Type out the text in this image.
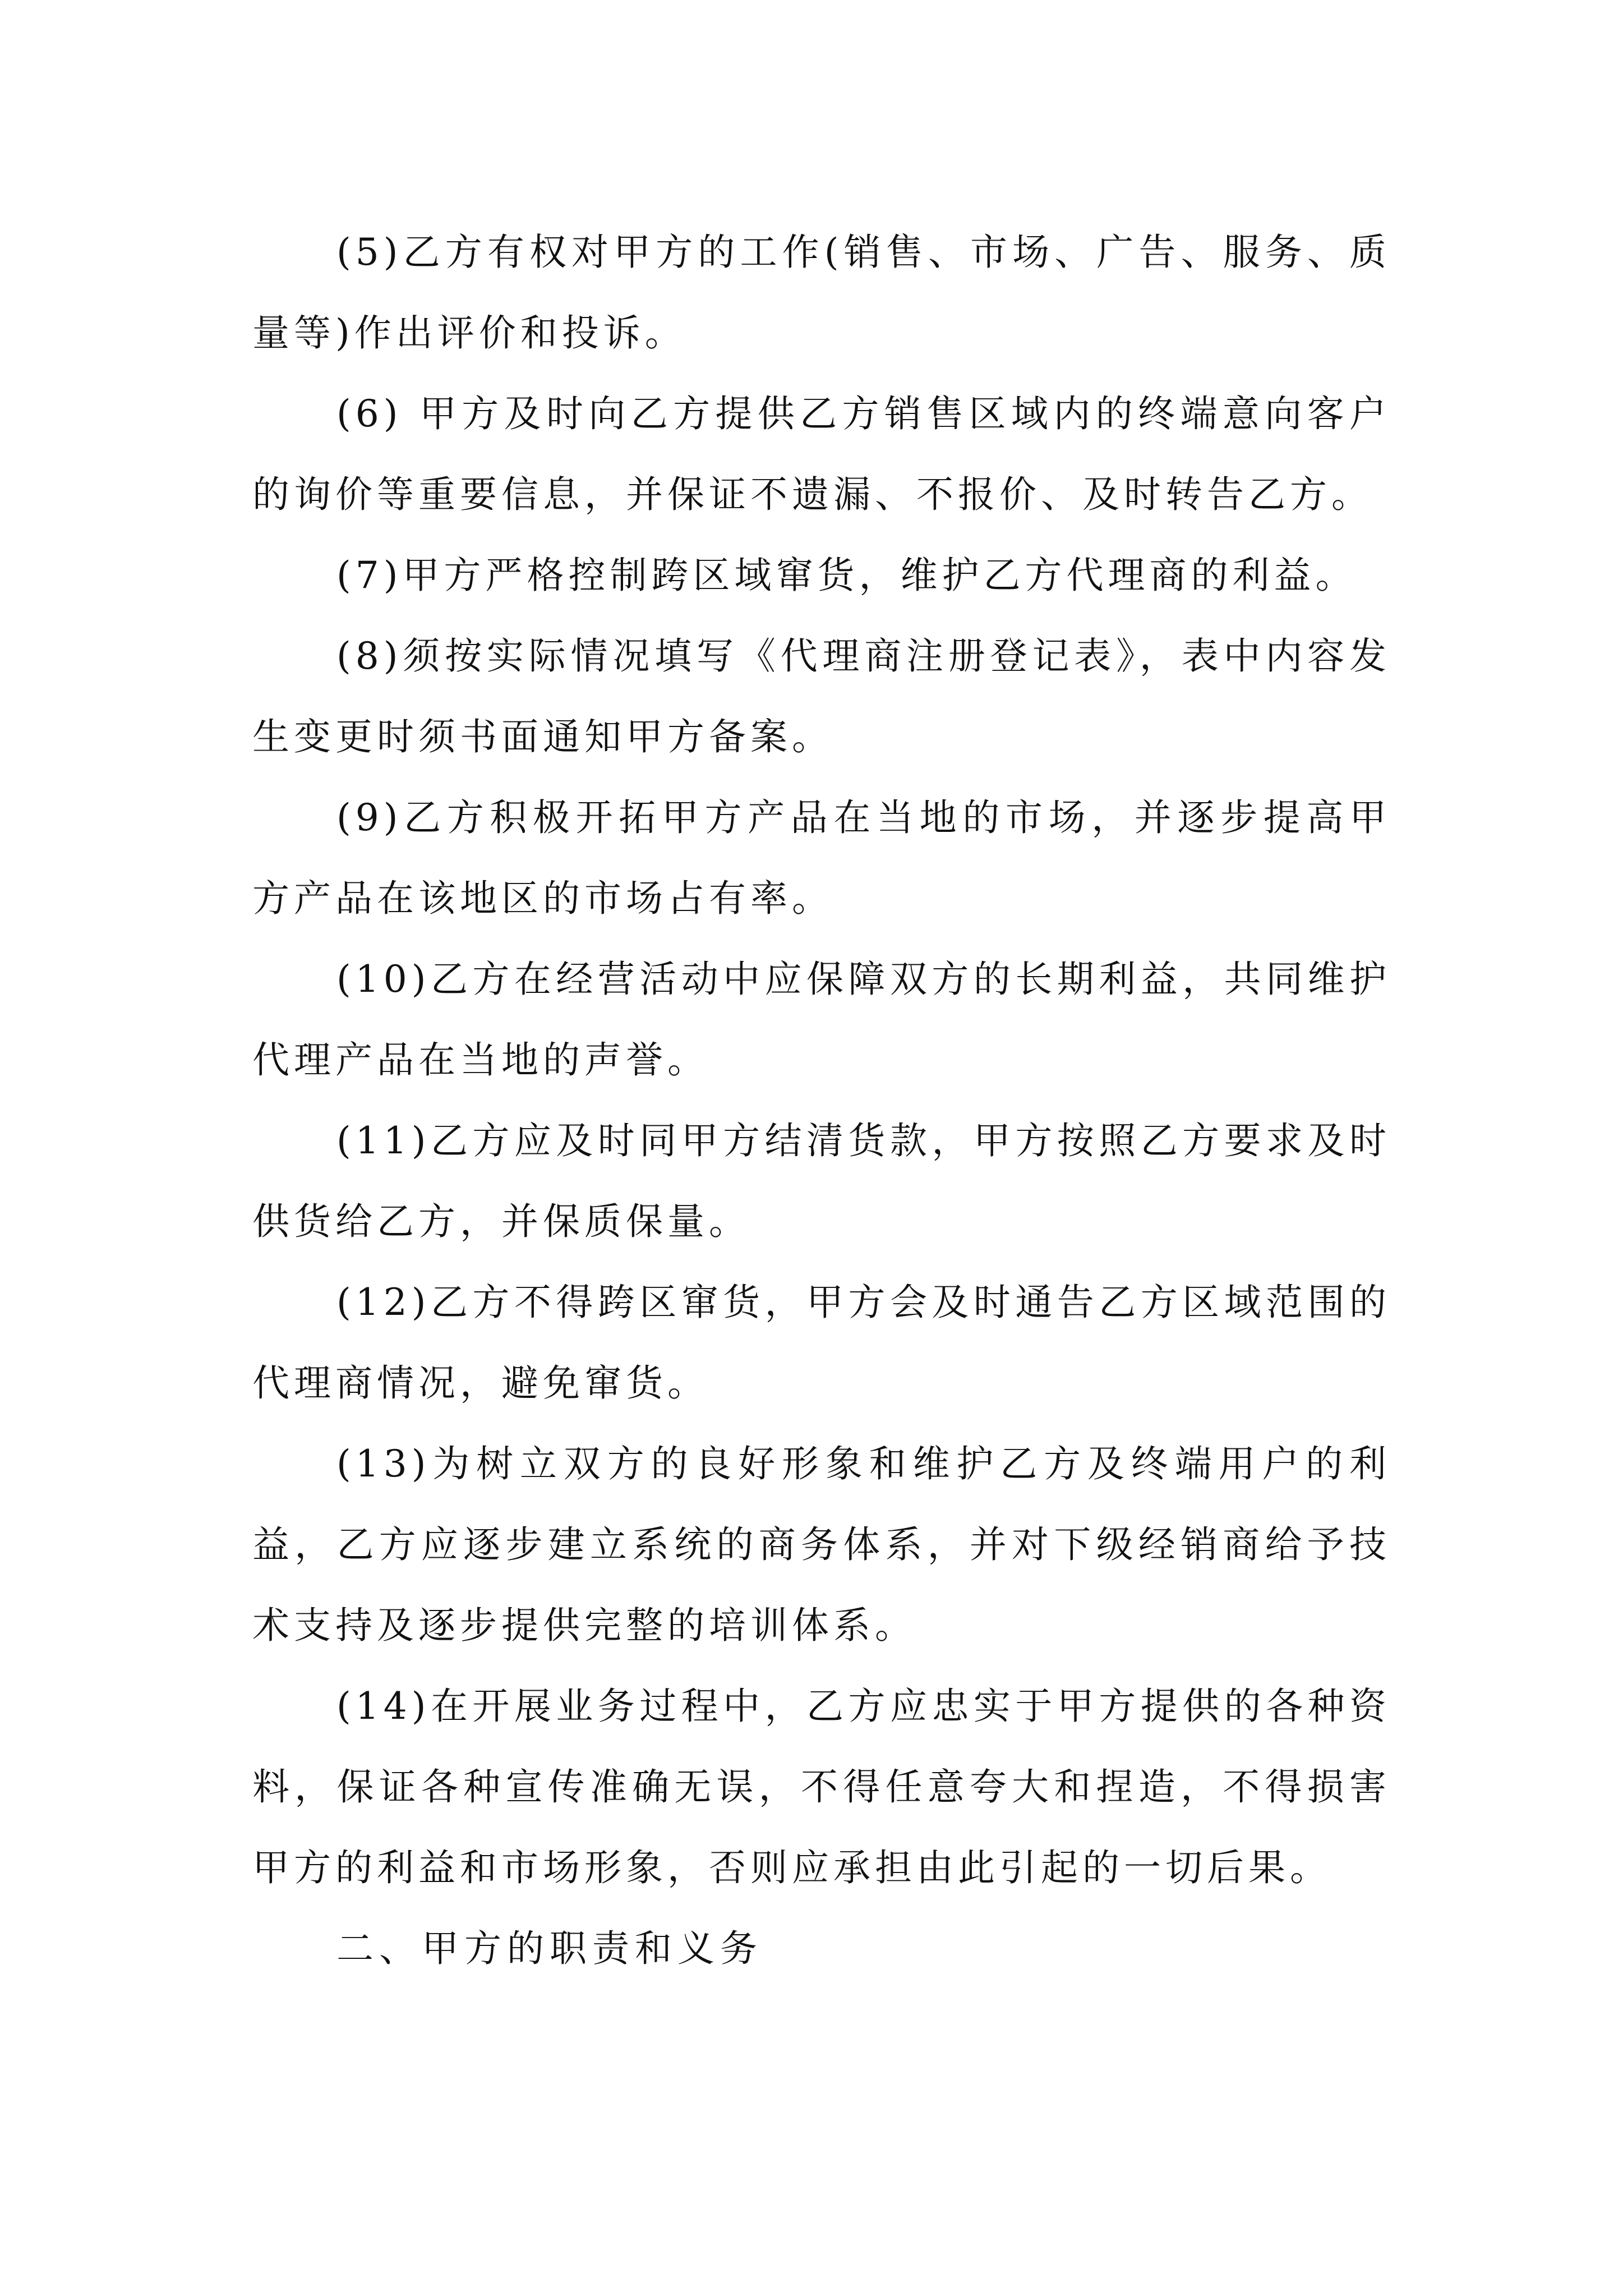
(5)乙方有权对甲方的工作(销售、市场、广告、服务、质量等)作出评价和投诉。

(6) 甲方及时向乙方提供乙方销售区域内的终端意向客户的询价等重要信息，并保证不遗漏、不报价、及时转告乙方。

(7)甲方严格控制跨区域窜货，维护乙方代理商的利益。

(8)须按实际情况填写《代理商注册登记表》，表中内容发生变更时须书面通知甲方备案。

(9)乙方积极开拓甲方产品在当地的市场，并逐步提高甲方产品在该地区的市场占有率。

(10)乙方在经营活动中应保障双方的长期利益，共同维护代理产品在当地的声誉。

(11)乙方应及时同甲方结清货款，甲方按照乙方要求及时供货给乙方，并保质保量。

(12)乙方不得跨区窜货，甲方会及时通告乙方区域范围的代理商情况，避免窜货。

(13)为树立双方的良好形象和维护乙方及终端用户的利益，乙方应逐步建立系统的商务体系，并对下级经销商给予技术支持及逐步提供完整的培训体系。

(14)在开展业务过程中，乙方应忠实于甲方提供的各种资料，保证各种宣传准确无误，不得任意夸大和捏造，不得损害甲方的利益和市场形象，否则应承担由此引起的一切后果。

二、甲方的职责和义务
